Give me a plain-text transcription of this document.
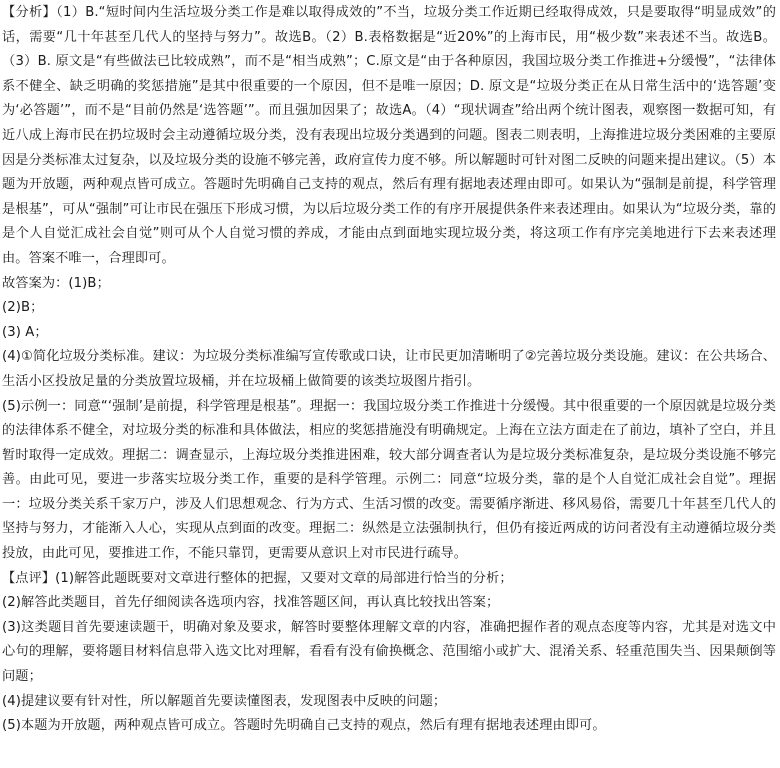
【分析】（1）B.“短时间内生活垃圾分类工作是难以取得成效的”不当，垃圾分类工作近期已经取得成效，只是要取得“明显成效”的话，需要“几十年甚至几代人的坚持与努力”。故选B。（2）B.表格数据是“近20%”的上海市民，用“极少数”来表述不当。故选B。（3）B. 原文是“有些做法已比较成熟”，而不是“相当成熟”；C.原文是“由于各种原因，我国垃圾分类工作推进+分缓慢”，“法律体系不健全、缺乏明确的奖惩措施”是其中很重要的一个原因，但不是唯一原因；D. 原文是“垃圾分类正在从日常生活中的‘选答题’变为‘必答题’”，而不是“目前仍然是‘选答题’”。而且强加因果了；故选A。（4）“现状调查”给出两个统计图表，观察图一数据可知，有近八成上海市民在扔垃圾时会主动遵循垃圾分类，没有表现出垃圾分类遇到的问题。图表二则表明，上海推进垃圾分类困难的主要原因是分类标准太过复杂，以及垃圾分类的设施不够完善，政府宣传力度不够。所以解题时可针对图二反映的问题来提出建议。（5）本题为开放题，两种观点皆可成立。答题时先明确自己支持的观点，然后有理有据地表述理由即可。如果认为“强制是前提，科学管理是根基”，可从“强制”可让市民在强压下形成习惯，为以后垃圾分类工作的有序开展提供条件来表述理由。如果认为“垃圾分类，靠的是个人自觉汇成社会自觉”则可从个人自觉习惯的养成，才能由点到面地实现垃圾分类，将这项工作有序完美地进行下去来表述理由。答案不唯一，合理即可。

故答案为：(1)B；

(2)B；

(3) A；

(4)①简化垃圾分类标准。建议：为垃圾分类标准编写宣传歌或口诀，让市民更加清晰明了②完善垃圾分类设施。建议：在公共场合、生活小区投放足量的分类放置垃圾桶，并在垃圾桶上做简要的该类垃圾图片指引。

(5)示例一：同意“‘强制’是前提，科学管理是根基”。理据一：我国垃圾分类工作推进十分缓慢。其中很重要的一个原因就是垃圾分类的法律体系不健全，对垃圾分类的标准和具体做法，相应的奖惩措施没有明确规定。上海在立法方面走在了前边，填补了空白，并且暂时取得一定成效。理据二：调查显示，上海垃圾分类推进困难，较大部分调查者认为是垃圾分类标准复杂，是垃圾分类设施不够完善。由此可见，要进一步落实垃圾分类工作，重要的是科学管理。示例二：同意“垃圾分类，靠的是个人自觉汇成社会自觉”。理据一：垃圾分类关系千家万户，涉及人们思想观念、行为方式、生活习惯的改变。需要循序渐进、移风易俗，需要几十年甚至几代人的坚持与努力，才能渐入人心，实现从点到面的改变。理据二：纵然是立法强制执行，但仍有接近两成的访问者没有主动遵循垃圾分类投放，由此可见，要推进工作，不能只靠罚，更需要从意识上对市民进行疏导。

【点评】(1)解答此题既要对文章进行整体的把握，又要对文章的局部进行恰当的分析；

(2)解答此类题目，首先仔细阅读各选项内容，找准答题区间，再认真比较找出答案；

(3)这类题目首先要速读题干，明确对象及要求，解答时要整体理解文章的内容，准确把握作者的观点态度等内容，尤其是对选文中心句的理解，要将题目材料信息带入选文比对理解，看看有没有偷换概念、范围缩小或扩大、混淆关系、轻重范围失当、因果颠倒等问题；

(4)提建议要有针对性，所以解题首先要读懂图表，发现图表中反映的问题；

(5)本题为开放题，两种观点皆可成立。答题时先明确自己支持的观点，然后有理有据地表述理由即可。
